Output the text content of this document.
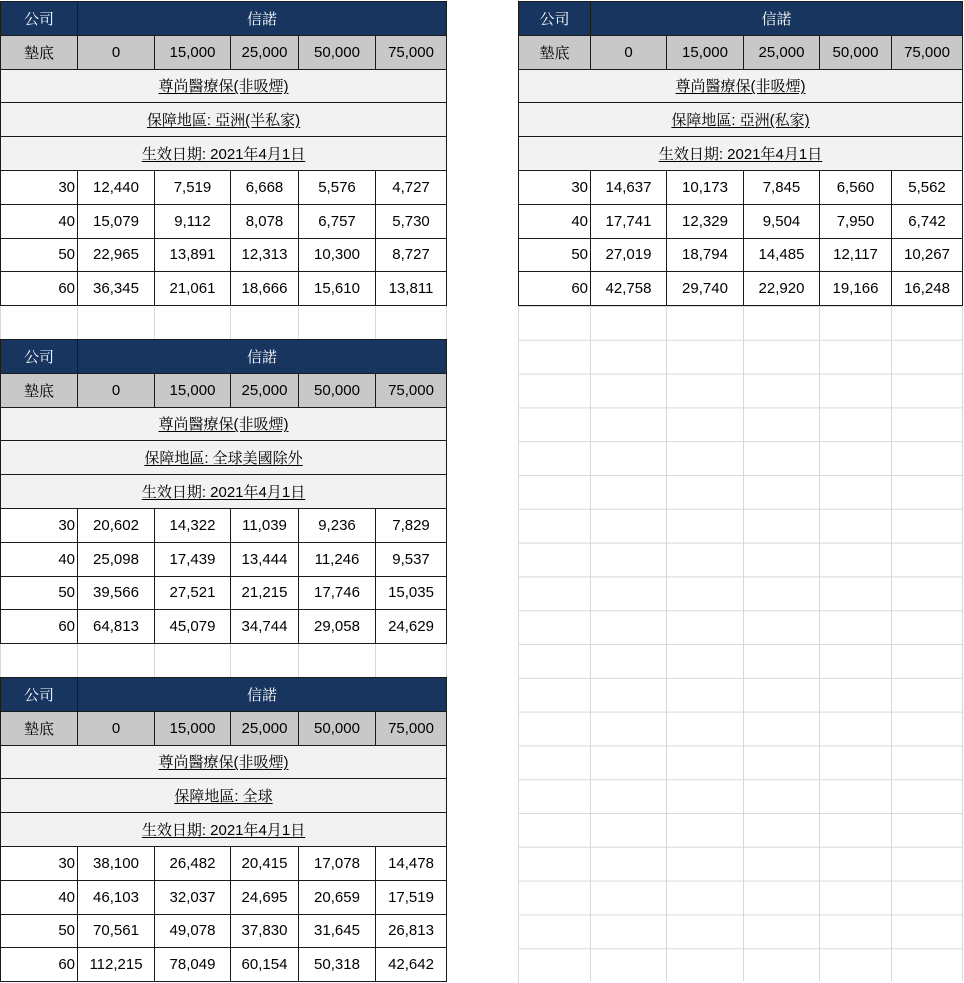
公司	信諾				
墊底	0	15,000	25,000	50,000	75,000
尊尚醫療保(非吸煙)					
保障地區: 亞洲(半私家)					
生效日期: 2021年4月1日					
30	12,440	7,519	6,668	5,576	4,727
40	15,079	9,112	8,078	6,757	5,730
50	22,965	13,891	12,313	10,300	8,727
60	36,345	21,061	18,666	15,610	13,811
公司	信諾				
墊底	0	15,000	25,000	50,000	75,000
尊尚醫療保(非吸煙)					
保障地區: 亞洲(私家)					
生效日期: 2021年4月1日					
30	14,637	10,173	7,845	6,560	5,562
40	17,741	12,329	9,504	7,950	6,742
50	27,019	18,794	14,485	12,117	10,267
60	42,758	29,740	22,920	19,166	16,248
公司	信諾				
墊底	0	15,000	25,000	50,000	75,000
尊尚醫療保(非吸煙)					
保障地區: 全球美國除外					
生效日期: 2021年4月1日					
30	20,602	14,322	11,039	9,236	7,829
40	25,098	17,439	13,444	11,246	9,537
50	39,566	27,521	21,215	17,746	15,035
60	64,813	45,079	34,744	29,058	24,629
公司	信諾				
墊底	0	15,000	25,000	50,000	75,000
尊尚醫療保(非吸煙)					
保障地區: 全球					
生效日期: 2021年4月1日					
30	38,100	26,482	20,415	17,078	14,478
40	46,103	32,037	24,695	20,659	17,519
50	70,561	49,078	37,830	31,645	26,813
60	112,215	78,049	60,154	50,318	42,642
